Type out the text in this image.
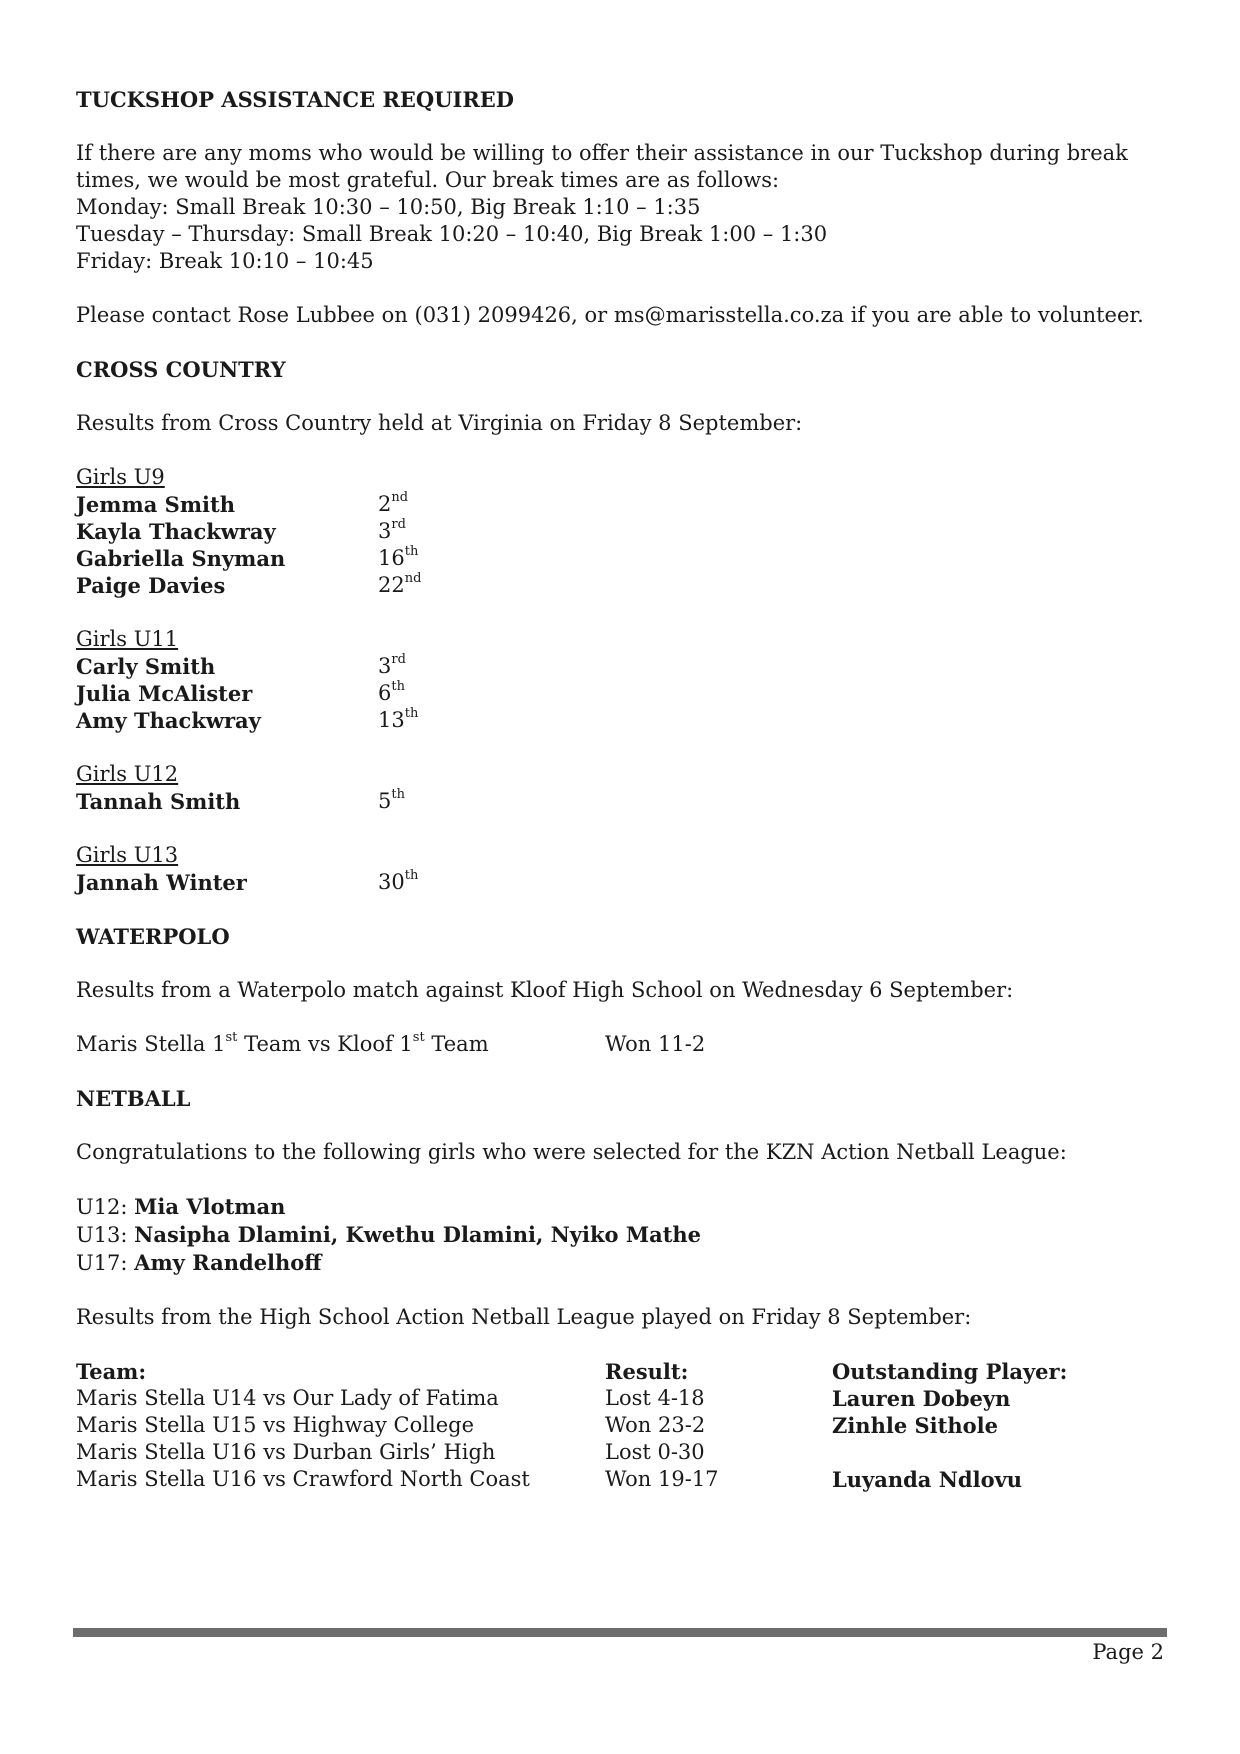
TUCKSHOP ASSISTANCE REQUIRED

If there are any moms who would be willing to offer their assistance in our Tuckshop during break times, we would be most grateful. Our break times are as follows:

Monday: Small Break 10:30 – 10:50, Big Break 1:10 – 1:35

Tuesday – Thursday: Small Break 10:20 – 10:40, Big Break 1:00 – 1:30

Friday: Break 10:10 – 10:45

Please contact Rose Lubbee on (031) 2099426, or ms@marisstella.co.za if you are able to volunteer.

CROSS COUNTRY

Results from Cross Country held at Virginia on Friday 8 September:

Girls U9

Jemma Smith	2nd
Kayla Thackwray	3rd
Gabriella Snyman	16th
Paige Davies	22nd

Girls U11

Carly Smith	3rd
Julia McAlister	6th
Amy Thackwray	13th

Girls U12

Tannah Smith	5th

Girls U13

Jannah Winter	30th

WATERPOLO

Results from a Waterpolo match against Kloof High School on Wednesday 6 September:

Maris Stella 1st Team vs Kloof 1st Team	Won 11-2

NETBALL

Congratulations to the following girls who were selected for the KZN Action Netball League:

U12: Mia Vlotman

U13: Nasipha Dlamini, Kwethu Dlamini, Nyiko Mathe

U17: Amy Randelhoff

Results from the High School Action Netball League played on Friday 8 September:

Team:	Result:	Outstanding Player:
Maris Stella U14 vs Our Lady of Fatima	Lost 4-18	Lauren Dobeyn
Maris Stella U15 vs Highway College	Won 23-2	Zinhle Sithole
Maris Stella U16 vs Durban Girls’ High	Lost 0-30
Maris Stella U16 vs Crawford North Coast	Won 19-17	Luyanda Ndlovu
Page 2
